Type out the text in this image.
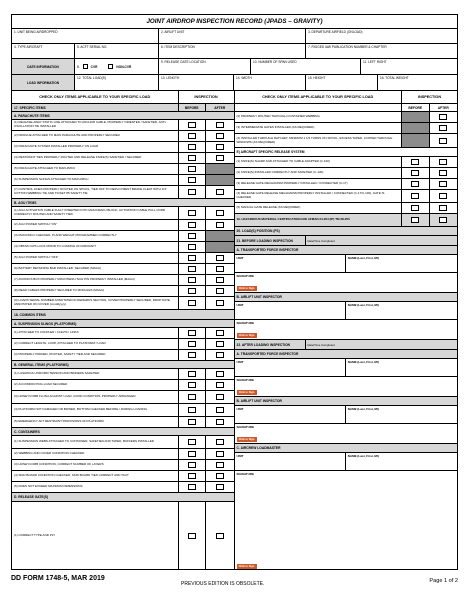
JOINT AIRDROP INSPECTION RECORD (JPADS – GRAVITY)
1. UNIT BEING AIRDROPPED	2. AIRLIFT UNIT	3. DEPARTURE AIRFIELD (ONLOAD)
4. TYPE AIRCRAFT	5. ACFT SERIAL NO.	6. ITEM DESCRIPTION	7. RIGGED IAW PUBLICATION NUMBER & CHAPTER
DATE INFORMATION	8.	CVR	NON-CVR
9. RELEASE GATE LOCATION	10. NUMBER OF SPAN USED	11. LEFT RIGHT
LOAD INFORMATION
12. TOTAL LOAD(S)	13. LENGTH	14. WIDTH	15. HEIGHT	16. TOTAL WEIGHT
CHECK ONLY ITEMS APPLICABLE TO YOUR SPECIFIC LOAD	INSPECTION
17. SPECIFIC ITEMS	BEFORE	AFTER
A. PARACHUTE ITEMS
(1) RELEASE-AWAY STATIC LINE ATTACHED TO ANCHOR CABLE, PROPERLY ORIENTED / SAFETIED, ANTI-OSCILLATION TIE INSTALLED
(2) DROGUE ATTACHED TO MAIN PARACHUTE AND PROPERLY SECURED
(3) PARACHUTE SYSTEM INSTALLED PROPERLY ON LOAD
(4) RESTRAINT TIES PROPERLY ROUTED AND RELEASE KNIFE(S) SAFETIED / SECURED
(5) PARACHUTE ATTACHED TO MAKU/MCU
(6) SUSPENSION SLINGS ATTACHED TO MAKU/MCU
(7) CONTROL LINES PROPERLY ROUTED ON SPOOL, TIED OFF TO DEPLOYMENT BRAKE CLEAT WITH 1/4" COTTON WEBBING TIE AND TICKET 85 SAFETY TIE
B. AGU ITEMS
(1) AGU ACTIVATION CABLE FULLY INSERTED INTO MAKU/MAKU BLOCK, ACTIVATION CABLE PULL CORD CORRECTLY ROUTED AND SAFETY TIED
(2) AGU POWER SWITCH "ON"
(3) MAKU/MCU CHECKED, PI AND WEIGHT PROGRAMMED CORRECTLY
(4) OBTAIN GPS LOCK PRIOR TO LOADING ON AIRCRAFT
(5) AGU POWER SWITCH "OFF"
(6) BATTERY RETAINING BAR INSTALLED, SECURED (MAGU)
(7) AVIONICS BOX PROPERLY MOUNTED/LYNCH PIN PROPERLY INSTALLED (MAGU)
(8) REAR CABLES PROPERLY SECURED TO MODULES (MAGU)
(9) LOADS SERIAL NUMBER ANNOTATED IN REMARKS SECTION, COVER PROPERLY SECURED, DROP DATE ANNOTATED ON COVER (mmddyyyy)
18. COMMON ITEMS
A. SUSPENSION SLINGS (PLATFORMS)
(1) ATTACHED TO COUPLER / CLEVIS / LINKS
(2) CORRECT LENGTH, LOOP, ATTACHED TO PLATFORM / LOAD
(3) PROPERLY PADDED, ROUTED, SAFETY TIED AND SECURED
B. GENERAL ITEMS (PLATFORMS)
(1) LASHINGS UNIFORM TENSION AND BINDERS SAFETIED
(2) ACCOMPANYING LOAD SECURED
(3) HONEYCOMB FLUSH AGAINST LOAD, GOOD CONDITION, PROPERLY ARRANGED
(4) PLATFORM NOT DAMAGED OR BOWED, BOTTOM CHECKED BEFORE / DURING LOADING
(5) EMERGENCY AFT RESTRAINT PROVISIONS ON PLATFORM
C. CONTAINERS
(1) SUSPENSION WEBS ATTACHED TO CONTAINER, SAFETIED AND TAPED, BUFFERS INSTALLED
(2) WEBBING AND COVER CONDITION CHECKED
(3) HONEYCOMB CONDITION, CORRECT NUMBER OF LAYERS
(4) SKID BOARD CONDITION CHECKED, SKID BOARD TIES CORRECT AND TAUT
(5) DOES NOT EXCEED MAXIMUM DIMENSIONS
D. RELEASE GATE(S)
(1) CORRECT TYPE AND PLY
CHECK ONLY ITEMS APPLICABLE TO YOUR SPECIFIC LOAD	INSPECTION
BEFORE	AFTER
(2) PROPERLY ROUTED THROUGH CONTAINER WEBBING
(3) INTERMEDIATE GATES INSTALLED (AS REQUIRED)
(4) INSTALLED THROUGH RATCHET, MINIMUM 1 1/2 TURNS ON SPOOL, EXCESS TAPED, LOOPED THROUGH WINDOWS (AS REQUIRED)
E) AIRCRAFT SPECIFIC RELEASE SYSTEM
(1) KNIFE(S) SHARP AND ATTACHED TO CABLE ADAPTER (C-130)
(2) KNIFE(S) INSTALLED CORRECTLY AND SAFETIED (C-130)
(3) RELEASE GATE MECHANISM PROPERLY INSTALLED / CONNECTED (C-17)
(4) RELEASE GATE RELEASE MECHANISM PROPERLY INSTALLED / CONNECTED (C-17/C-130), GATE IS CHECKED
(5) MANUAL GATE RELEASE (AS REQUIRED)
19. HAZARDOUS MATERIAL CERTIFICATION IAW AFMAN 24-204 (IP) TM 38-250
20. LOAD(S) POSITION (FS)
21. BEFORE LOADING INSPECTION	Date/Time Completed
A. TRANSPORTED FORCE INSPECTOR
UNIT	NAME (Last, First, MI)
SIGNATURE
Click to Sign
B. AIRLIFT UNIT INSPECTOR
UNIT	NAME (Last, First, MI)
SIGNATURE
Click to Sign
22. AFTER LOADING INSPECTION	Date/Time Completed
A. TRANSPORTED FORCE INSPECTOR
UNIT	NAME (Last, First, MI)
SIGNATURE
Click to Sign
B. AIRLIFT UNIT INSPECTOR
UNIT	NAME (Last, First, MI)
SIGNATURE
Click to Sign
C. AIRCREW LOADMASTER
UNIT	NAME (Last, First, MI)
SIGNATURE
Click to Sign
DD FORM 1748-5, MAR 2019
PREVIOUS EDITION IS OBSOLETE.	Page 1 of 2
